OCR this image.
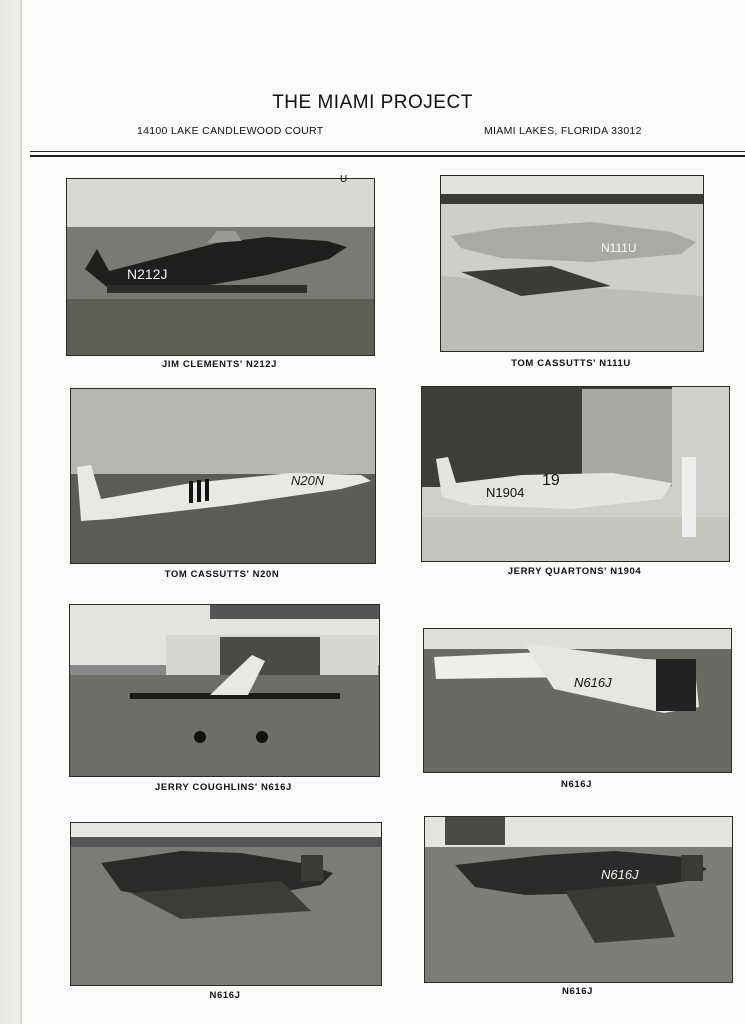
THE MIAMI PROJECT
14100 LAKE CANDLEWOOD COURT	MIAMI LAKES, FLORIDA 33012
N212J
U
JIM CLEMENTS' N212J
N111U
TOM CASSUTTS' N111U
N20N
TOM CASSUTTS' N20N
N1904
19
JERRY QUARTONS' N1904
JERRY COUGHLINS' N616J
N616J
N616J
N616J
N616J
N616J
